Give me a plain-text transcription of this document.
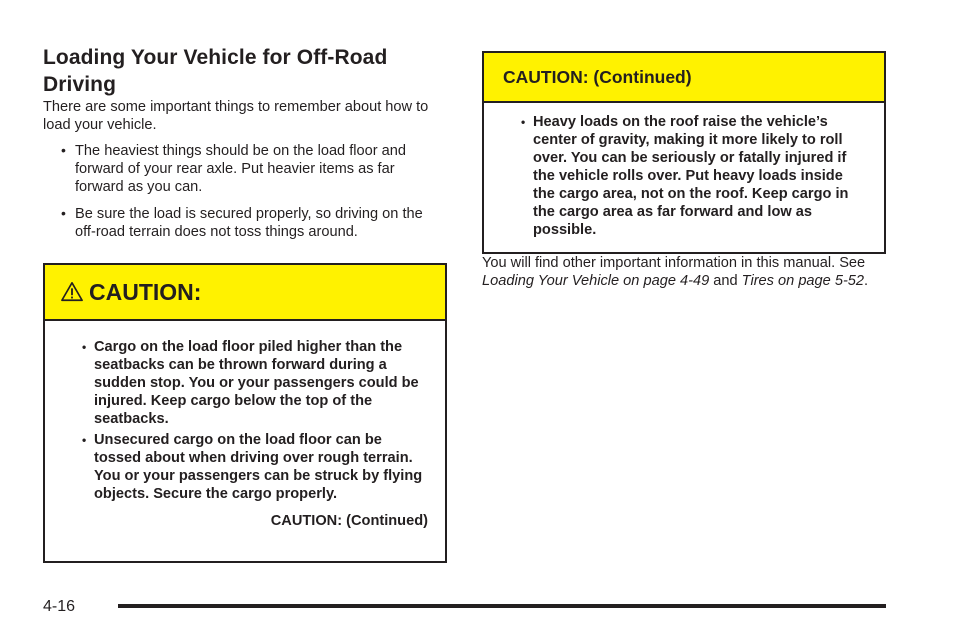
Loading Your Vehicle for Off-Road Driving

There are some important things to remember about how to load your vehicle.

• The heaviest things should be on the load floor and forward of your rear axle. Put heavier items as far forward as you can.
• Be sure the load is secured properly, so driving on the off-road terrain does not toss things around.
CAUTION:
• Cargo on the load floor piled higher than the seatbacks can be thrown forward during a sudden stop. You or your passengers could be injured. Keep cargo below the top of the seatbacks.
• Unsecured cargo on the load floor can be tossed about when driving over rough terrain. You or your passengers can be struck by flying objects. Secure the cargo properly.
CAUTION: (Continued)
CAUTION: (Continued)
• Heavy loads on the roof raise the vehicle’s center of gravity, making it more likely to roll over. You can be seriously or fatally injured if the vehicle rolls over. Put heavy loads inside the cargo area, not on the roof. Keep cargo in the cargo area as far forward and low as possible.

You will find other important information in this manual. See Loading Your Vehicle on page 4-49 and Tires on page 5-52.

4-16
